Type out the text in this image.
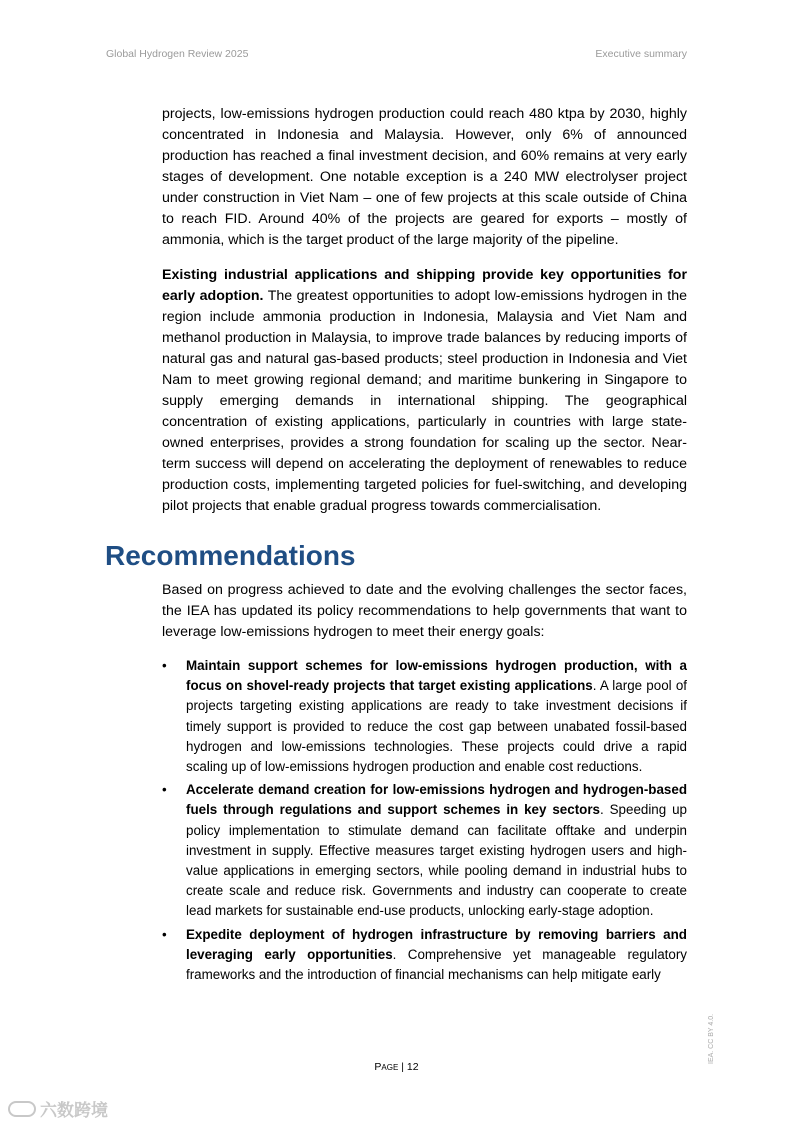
Global Hydrogen Review 2025	Executive summary

projects, low-emissions hydrogen production could reach 480 ktpa by 2030, highly concentrated in Indonesia and Malaysia. However, only 6% of announced production has reached a final investment decision, and 60% remains at very early stages of development. One notable exception is a 240 MW electrolyser project under construction in Viet Nam – one of few projects at this scale outside of China to reach FID. Around 40% of the projects are geared for exports – mostly of ammonia, which is the target product of the large majority of the pipeline.

Existing industrial applications and shipping provide key opportunities for early adoption. The greatest opportunities to adopt low-emissions hydrogen in the region include ammonia production in Indonesia, Malaysia and Viet Nam and methanol production in Malaysia, to improve trade balances by reducing imports of natural gas and natural gas-based products; steel production in Indonesia and Viet Nam to meet growing regional demand; and maritime bunkering in Singapore to supply emerging demands in international shipping. The geographical concentration of existing applications, particularly in countries with large state-owned enterprises, provides a strong foundation for scaling up the sector. Near-term success will depend on accelerating the deployment of renewables to reduce production costs, implementing targeted policies for fuel-switching, and developing pilot projects that enable gradual progress towards commercialisation.

Recommendations

Based on progress achieved to date and the evolving challenges the sector faces, the IEA has updated its policy recommendations to help governments that want to leverage low-emissions hydrogen to meet their energy goals:

• Maintain support schemes for low-emissions hydrogen production, with a focus on shovel-ready projects that target existing applications. A large pool of projects targeting existing applications are ready to take investment decisions if timely support is provided to reduce the cost gap between unabated fossil-based hydrogen and low-emissions technologies. These projects could drive a rapid scaling up of low-emissions hydrogen production and enable cost reductions.
• Accelerate demand creation for low-emissions hydrogen and hydrogen-based fuels through regulations and support schemes in key sectors. Speeding up policy implementation to stimulate demand can facilitate offtake and underpin investment in supply. Effective measures target existing hydrogen users and high-value applications in emerging sectors, while pooling demand in industrial hubs to create scale and reduce risk. Governments and industry can cooperate to create lead markets for sustainable end-use products, unlocking early-stage adoption.
• Expedite deployment of hydrogen infrastructure by removing barriers and leveraging early opportunities. Comprehensive yet manageable regulatory frameworks and the introduction of financial mechanisms can help mitigate early
PAGE | 12
IEA. CC BY 4.0.
六数跨境
